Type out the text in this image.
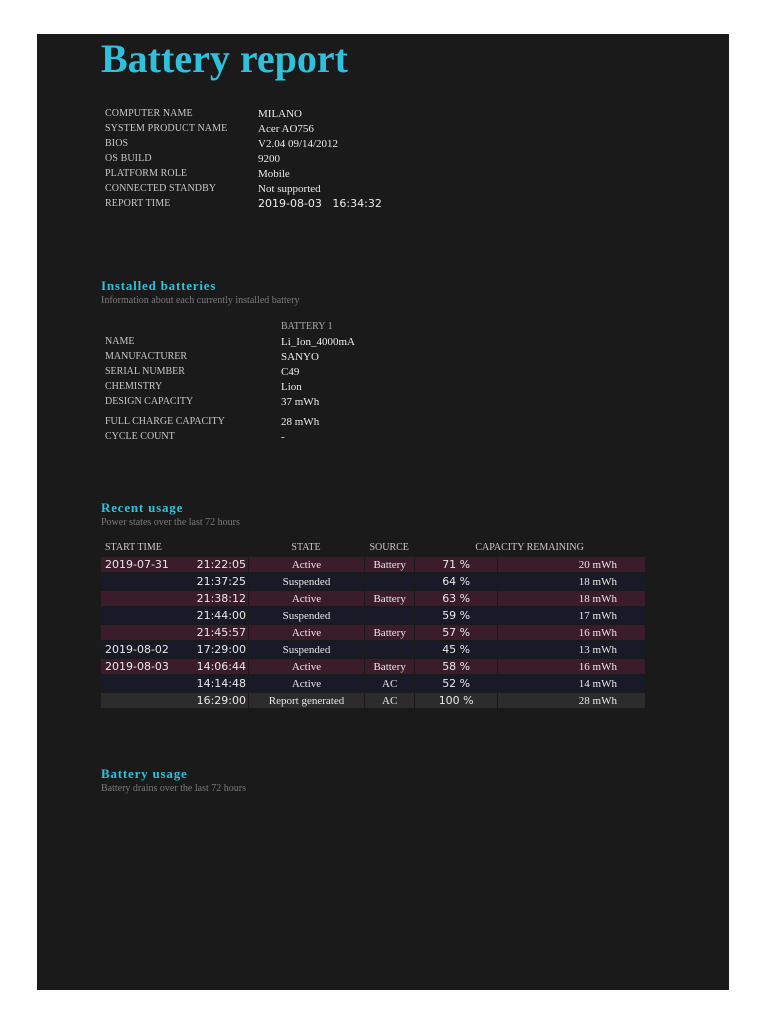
Battery report
COMPUTER NAME	MILANO
SYSTEM PRODUCT NAME	Acer AO756
BIOS	V2.04 09/14/2012
OS BUILD	9200
PLATFORM ROLE	Mobile
CONNECTED STANDBY	Not supported
REPORT TIME	2019-08-03   16:34:32
Installed batteries
Information about each currently installed battery
	BATTERY 1
NAME	Li_Ion_4000mA
MANUFACTURER	SANYO
SERIAL NUMBER	C49
CHEMISTRY	Lion
DESIGN CAPACITY	37 mWh

FULL CHARGE CAPACITY	28 mWh
CYCLE COUNT	-
Recent usage
Power states over the last 72 hours
START TIME	STATE	SOURCE	CAPACITY REMAINING	
2019-07-31 21:22:05	Active	Battery	71 %	20 mWh
21:37:25	Suspended		64 %	18 mWh
21:38:12	Active	Battery	63 %	18 mWh
21:44:00	Suspended		59 %	17 mWh
21:45:57	Active	Battery	57 %	16 mWh
2019-08-02 17:29:00	Suspended		45 %	13 mWh
2019-08-03 14:06:44	Active	Battery	58 %	16 mWh
14:14:48	Active	AC	52 %	14 mWh
16:29:00	Report generated	AC	100 %	28 mWh
Battery usage
Battery drains over the last 72 hours
